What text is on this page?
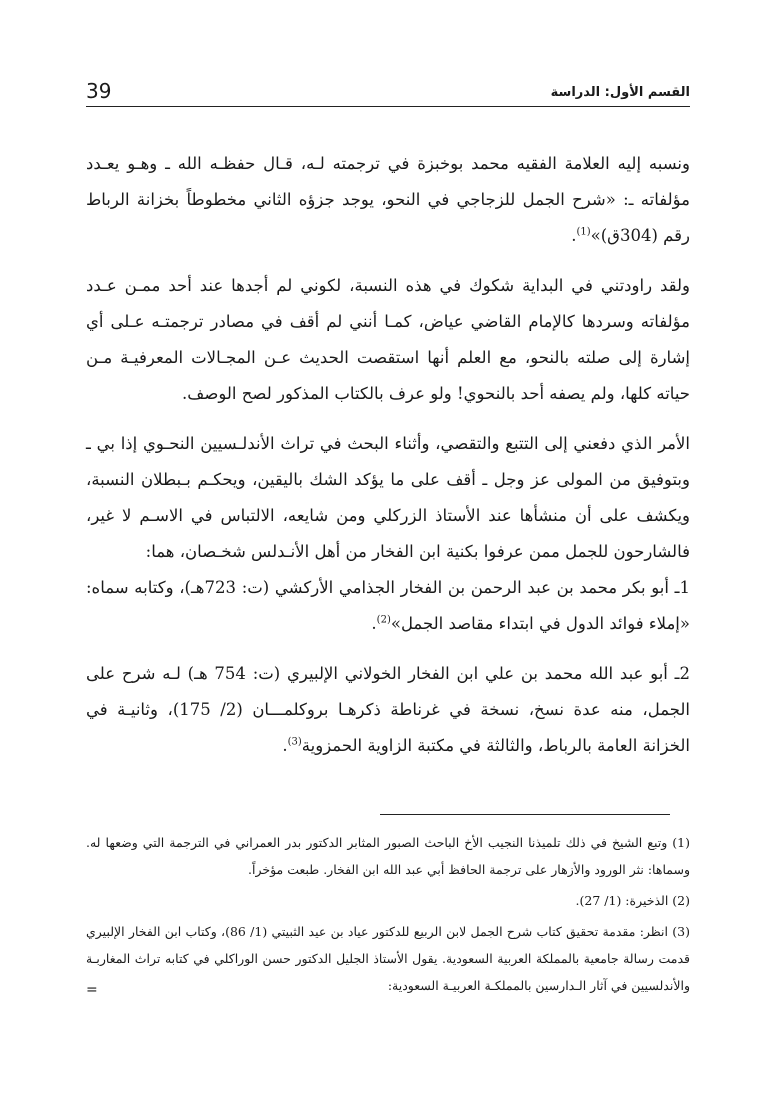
39	القسم الأول: الدراسة

ونسبه إليه العلامة الفقيه محمد بوخبزة في ترجمته لـه، قـال حفظـه الله ـ وهـو يعـدد مؤلفاته ـ: «شرح الجمل للزجاجي في النحو، يوجد جزؤه الثاني مخطوطاً بخزانة الرباط رقم (304ق)»$^{(1)}$.

ولقد راودتني في البداية شكوك في هذه النسبة، لكوني لم أجدها عند أحد ممـن عـدد مؤلفاته وسردها كالإمام القاضي عياض، كمـا أنني لم أقف في مصادر ترجمتـه عـلى أي إشارة إلى صلته بالنحو، مع العلم أنها استقصت الحديث عـن المجـالات المعرفيـة مـن حياته كلها، ولم يصفه أحد بالنحوي! ولو عرف بالكتاب المذكور لصح الوصف.

الأمر الذي دفعني إلى التتبع والتقصي، وأثناء البحث في تراث الأندلـسيين النحـوي إذا بي ـ وبتوفيق من المولى عز وجل ـ أقف على ما يؤكد الشك باليقين، ويحكـم بـبطلان النسبة، ويكشف على أن منشأها عند الأستاذ الزركلي ومن شايعه، الالتباس في الاسـم لا غير، فالشارحون للجمل ممن عرفوا بكنية ابن الفخار من أهل الأنـدلس شخـصان، هما:

1ـ أبو بكر محمد بن عبد الرحمن بن الفخار الجذامي الأركشي (ت: 723هـ)، وكتابه سماه: «إملاء فوائد الدول في ابتداء مقاصد الجمل»$^{(2)}$.

2ـ أبو عبد الله محمد بن علي ابن الفخار الخولاني الإلبيري (ت: 754 هـ) لـه شرح على الجمل، منه عدة نسخ، نسخة في غرناطة ذكرهـا بروكلمـــان (2/ 175)، وثانيـة في الخزانة العامة بالرباط، والثالثة في مكتبة الزاوية الحمزوية$^{(3)}$.

(1) وتبع الشيخ في ذلك تلميذنا النجيب الأخ الباحث الصبور المثابر الدكتور بدر العمراني في الترجمة التي وضعها له. وسماها: نثر الورود والأزهار على ترجمة الحافظ أبي عبد الله ابن الفخار. طبعت مؤخراً.

(2) الذخيرة: (1/ 27).

(3) انظر: مقدمة تحقيق كتاب شرح الجمل لابن الربيع للدكتور عياد بن عيد الثبيتي (1/ 86)، وكتاب ابن الفخار الإلبيري قدمت رسالة جامعية بالمملكة العربية السعودية. يقول الأستاذ الجليل الدكتور حسن الوراكلي في كتابه تراث المغاربـة والأندلسيين في آثار الـدارسين بالمملكـة العربيـة السعودية:

=
